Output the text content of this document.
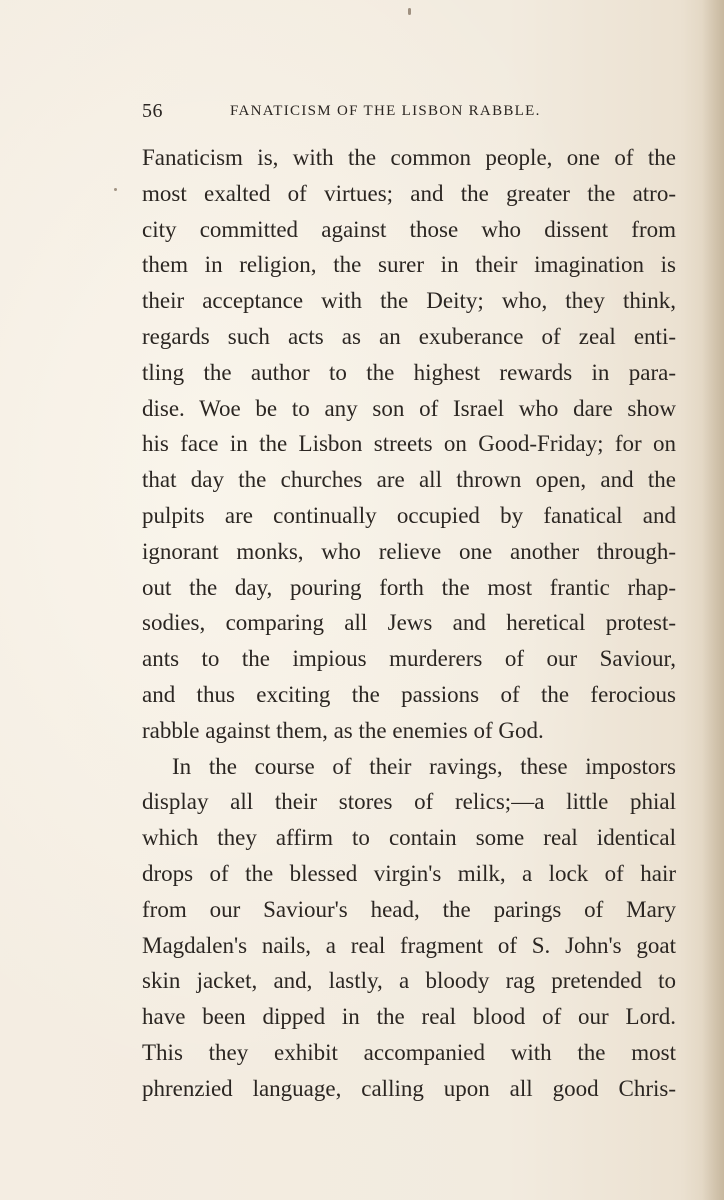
56	FANATICISM OF THE LISBON RABBLE.
Fanaticism is, with the common people, one of the
most exalted of virtues; and the greater the atro-
city committed against those who dissent from
them in religion, the surer in their imagination is
their acceptance with the Deity; who, they think,
regards such acts as an exuberance of zeal enti-
tling the author to the highest rewards in para-
dise. Woe be to any son of Israel who dare show
his face in the Lisbon streets on Good-Friday; for on
that day the churches are all thrown open, and the
pulpits are continually occupied by fanatical and
ignorant monks, who relieve one another through-
out the day, pouring forth the most frantic rhap-
sodies, comparing all Jews and heretical protest-
ants to the impious murderers of our Saviour,
and thus exciting the passions of the ferocious
rabble against them, as the enemies of God.
In the course of their ravings, these impostors
display all their stores of relics;—a little phial
which they affirm to contain some real identical
drops of the blessed virgin's milk, a lock of hair
from our Saviour's head, the parings of Mary
Magdalen's nails, a real fragment of S. John's goat
skin jacket, and, lastly, a bloody rag pretended to
have been dipped in the real blood of our Lord.
This they exhibit accompanied with the most
phrenzied language, calling upon all good Chris-
